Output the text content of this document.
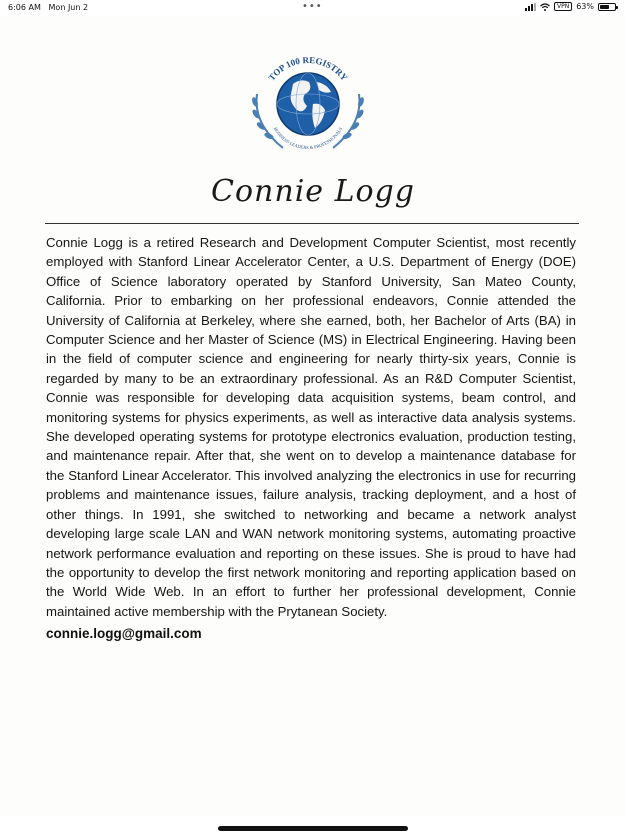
6:06 AM Mon Jun 2	•••	VPN 63%
TOP 100 REGISTRY
BUSINESS LEADERS & PROFESSIONALS
Connie Logg

Connie Logg is a retired Research and Development Computer Scientist, most recently employed with Stanford Linear Accelerator Center, a U.S. Department of Energy (DOE) Office of Science laboratory operated by Stanford University, San Mateo County, California. Prior to embarking on her professional endeavors, Connie attended the University of California at Berkeley, where she earned, both, her Bachelor of Arts (BA) in Computer Science and her Master of Science (MS) in Electrical Engineering. Having been in the field of computer science and engineering for nearly thirty-six years, Connie is regarded by many to be an extraordinary professional. As an R&D Computer Scientist, Connie was responsible for developing data acquisition systems, beam control, and monitoring systems for physics experiments, as well as interactive data analysis systems. She developed operating systems for prototype electronics evaluation, production testing, and maintenance repair. After that, she went on to develop a maintenance database for the Stanford Linear Accelerator. This involved analyzing the electronics in use for recurring problems and maintenance issues, failure analysis, tracking deployment, and a host of other things. In 1991, she switched to networking and became a network analyst developing large scale LAN and WAN network monitoring systems, automating proactive network performance evaluation and reporting on these issues. She is proud to have had the opportunity to develop the first network monitoring and reporting application based on the World Wide Web. In an effort to further her professional development, Connie maintained active membership with the Prytanean Society.

connie.logg@gmail.com
